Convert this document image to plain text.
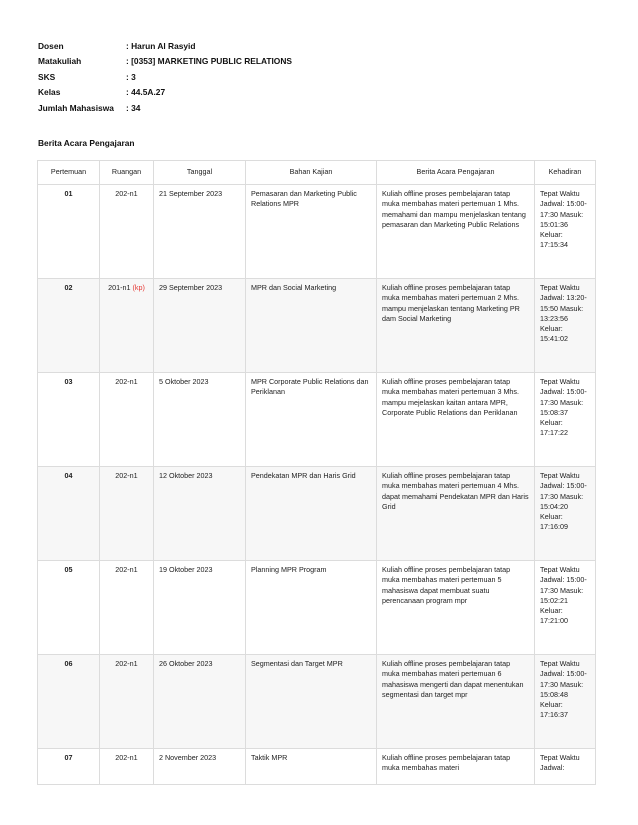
Dosen	: Harun Al Rasyid
Matakuliah	: [0353] MARKETING PUBLIC RELATIONS
SKS	: 3
Kelas	: 44.5A.27
Jumlah Mahasiswa	: 34
Berita Acara Pengajaran
Pertemuan	Ruangan	Tanggal	Bahan Kajian	Berita Acara Pengajaran	Kehadiran
01	202-n1	21 September 2023	Pemasaran dan Marketing Public Relations MPR	Kuliah offline proses pembelajaran tatap muka membahas materi pertemuan 1 Mhs. memahami dan mampu menjelaskan tentang pemasaran dan Marketing Public Relations	Tepat Waktu Jadwal: 15:00-17:30 Masuk: 15:01:36 Keluar: 17:15:34
02	201-n1 (kp)	29 September 2023	MPR dan Social Marketing	Kuliah offline proses pembelajaran tatap muka membahas materi pertemuan 2 Mhs. mampu menjelaskan tentang Marketing PR dam Social Marketing	Tepat Waktu Jadwal: 13:20-15:50 Masuk: 13:23:56 Keluar: 15:41:02
03	202-n1	5 Oktober 2023	MPR Corporate Public Relations dan Periklanan	Kuliah offline proses pembelajaran tatap muka membahas materi pertemuan 3 Mhs. mampu mejelaskan kaitan antara MPR, Corporate Public Relations dan Periklanan	Tepat Waktu Jadwal: 15:00-17:30 Masuk: 15:08:37 Keluar: 17:17:22
04	202-n1	12 Oktober 2023	Pendekatan MPR dan Haris Grid	Kuliah offline proses pembelajaran tatap muka membahas materi pertemuan 4 Mhs. dapat memahami Pendekatan MPR dan Haris Grid	Tepat Waktu Jadwal: 15:00-17:30 Masuk: 15:04:20 Keluar: 17:16:09
05	202-n1	19 Oktober 2023	Planning MPR Program	Kuliah offline proses pembelajaran tatap muka membahas materi pertemuan 5 mahasiswa dapat membuat suatu perencanaan program mpr	Tepat Waktu Jadwal: 15:00-17:30 Masuk: 15:02:21 Keluar: 17:21:00
06	202-n1	26 Oktober 2023	Segmentasi dan Target MPR	Kuliah offline proses pembelajaran tatap muka membahas materi pertemuan 6 mahasiswa mengerti dan dapat menentukan segmentasi dan target mpr	Tepat Waktu Jadwal: 15:00-17:30 Masuk: 15:08:48 Keluar: 17:16:37
07	202-n1	2 November 2023	Taktik MPR	Kuliah offline proses pembelajaran tatap muka membahas materi	Tepat Waktu Jadwal:
